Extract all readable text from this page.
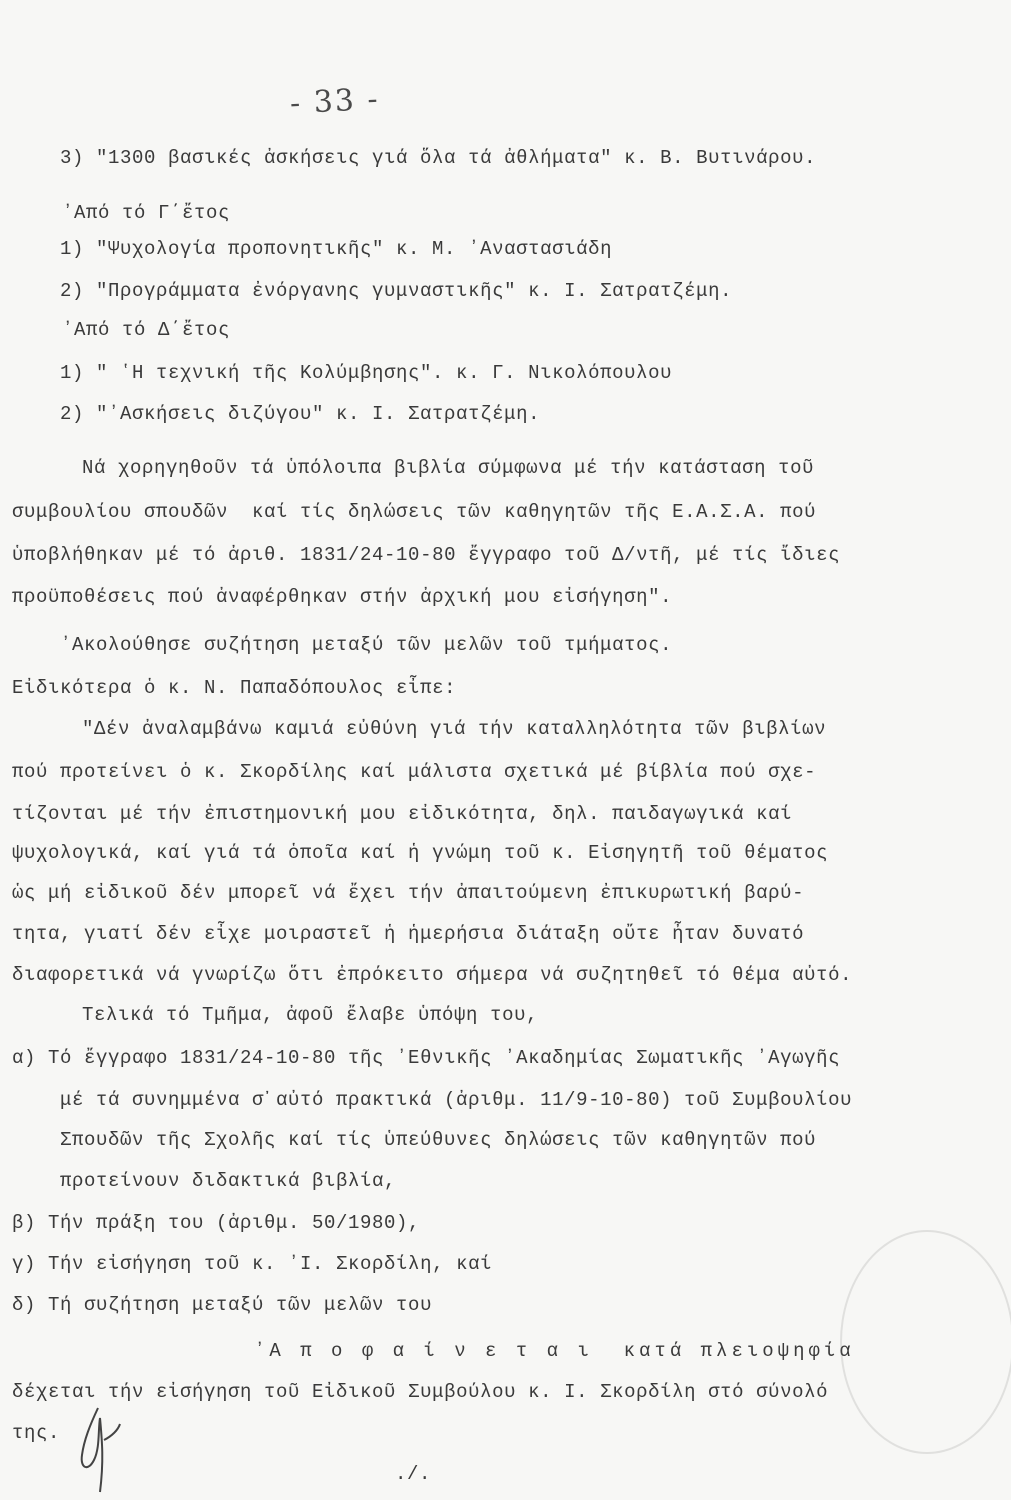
- 33 -
3) "1300 βασικές ἀσκήσεις γιά ὅλα τά ἀθλήματα" κ. Β. Βυτινάρου.
ʼΑπό τό Γ΄ἔτος
1) "Ψυχολογία προπονητικῆς" κ. Μ. ʼΑναστασιάδη
2) "Προγράμματα ἐνόργανης γυμναστικῆς" κ. Ι. Σατρατζέμη.
ʼΑπό τό Δ΄ἔτος
1) " ʽΗ τεχνική τῆς Κολύμβησης". κ. Γ. Νικολόπουλου
2) "ʼΑσκήσεις διζύγου" κ. Ι. Σατρατζέμη.
Νά χορηγηθοῦν τά ὑπόλοιπα βιβλία σύμφωνα μέ τήν κατάσταση τοῦ
συμβουλίου σπουδῶν  καί τίς δηλώσεις τῶν καθηγητῶν τῆς Ε.Α.Σ.Α. πού
ὑποβλήθηκαν μέ τό ἀριθ. 1831/24-10-80 ἔγγραφο τοῦ Δ/ντῆ, μέ τίς ἴδιες
προϋποθέσεις πού ἀναφέρθηκαν στήν ἀρχική μου εἰσήγηση".
ʼΑκολούθησε συζήτηση μεταξύ τῶν μελῶν τοῦ τμήματος.
Εἰδικότερα ὁ κ. Ν. Παπαδόπουλος εἶπε:
"Δέν ἀναλαμβάνω καμιά εὐθύνη γιά τήν καταλληλότητα τῶν βιβλίων
πού προτείνει ὁ κ. Σκορδίλης καί μάλιστα σχετικά μέ βίβλία πού σχε-
τίζονται μέ τήν ἐπιστημονική μου εἰδικότητα, δηλ. παιδαγωγικά καί
ψυχολογικά, καί γιά τά ὁποῖα καί ἡ γνώμη τοῦ κ. Εἰσηγητῆ τοῦ θέματος
ὡς μή εἰδικοῦ δέν μπορεῖ νά ἔχει τήν ἀπαιτούμενη ἐπικυρωτική βαρύ-
τητα, γιατί δέν εἶχε μοιραστεῖ ἡ ἡμερήσια διάταξη οὔτε ἦταν δυνατό
διαφορετικά νά γνωρίζω ὅτι ἐπρόκειτο σήμερα νά συζητηθεῖ τό θέμα αὐτό.
Τελικά τό Τμῆμα, ἀφοῦ ἔλαβε ὑπόψη του,
α) Τό ἔγγραφο 1831/24-10-80 τῆς ʼΕθνικῆς ʼΑκαδημίας Σωματικῆς ʼΑγωγῆς
μέ τά συνημμένα σ᾽αὐτό πρακτικά (ἀριθμ. 11/9-10-80) τοῦ Συμβουλίου
Σπουδῶν τῆς Σχολῆς καί τίς ὑπεύθυνες δηλώσεις τῶν καθηγητῶν πού
προτείνουν διδακτικά βιβλία,
β) Τήν πράξη του (ἀριθμ. 50/1980),
γ) Τήν εἰσήγηση τοῦ κ. ʼΙ. Σκορδίλη, καί
δ) Τή συζήτηση μεταξύ τῶν μελῶν του
ʼΑ π ο φ α ί ν ε τ α ι  κατά πλειοψηφία
δέχεται τήν εἰσήγηση τοῦ Εἰδικοῦ Συμβούλου κ. Ι. Σκορδίλη στό σύνολό
της.
./.
